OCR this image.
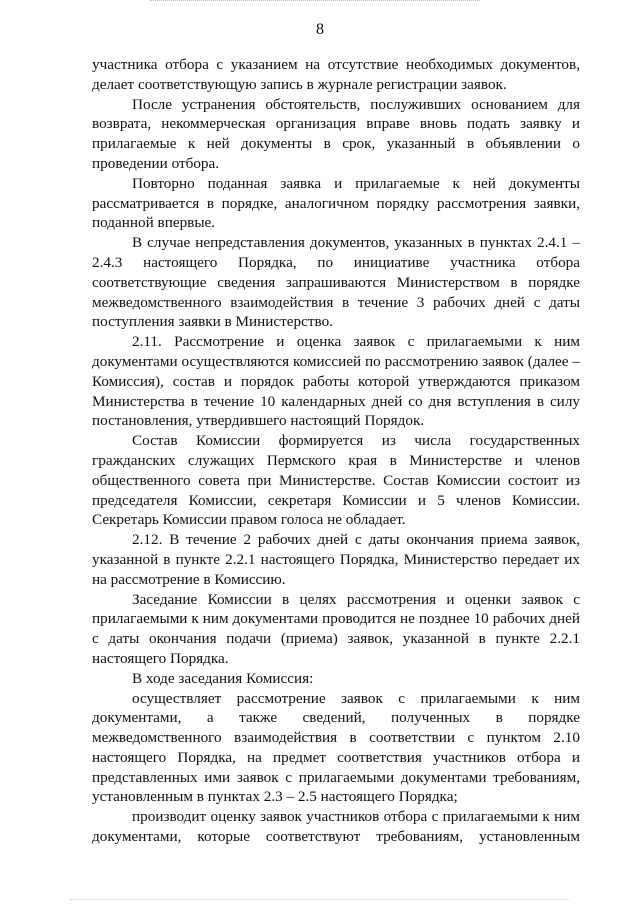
8

участника отбора с указанием на отсутствие необходимых документов, делает соответствующую запись в журнале регистрации заявок.

После устранения обстоятельств, послуживших основанием для возврата, некоммерческая организация вправе вновь подать заявку и прилагаемые к ней документы в срок, указанный в объявлении о проведении отбора.

Повторно поданная заявка и прилагаемые к ней документы рассматривается в порядке, аналогичном порядку рассмотрения заявки, поданной впервые.

В случае непредставления документов, указанных в пунктах 2.4.1 – 2.4.3 настоящего Порядка, по инициативе участника отбора соответствующие сведения запрашиваются Министерством в порядке межведомственного взаимодействия в течение 3 рабочих дней с даты поступления заявки в Министерство.

2.11. Рассмотрение и оценка заявок с прилагаемыми к ним документами осуществляются комиссией по рассмотрению заявок (далее – Комиссия), состав и порядок работы которой утверждаются приказом Министерства в течение 10 календарных дней со дня вступления в силу постановления, утвердившего настоящий Порядок.

Состав Комиссии формируется из числа государственных гражданских служащих Пермского края в Министерстве и членов общественного совета при Министерстве. Состав Комиссии состоит из председателя Комиссии, секретаря Комиссии и 5 членов Комиссии. Секретарь Комиссии правом голоса не обладает.

2.12. В течение 2 рабочих дней с даты окончания приема заявок, указанной в пункте 2.2.1 настоящего Порядка, Министерство передает их на рассмотрение в Комиссию.

Заседание Комиссии в целях рассмотрения и оценки заявок с прилагаемыми к ним документами проводится не позднее 10 рабочих дней с даты окончания подачи (приема) заявок, указанной в пункте 2.2.1 настоящего Порядка.

В ходе заседания Комиссия:

осуществляет рассмотрение заявок с прилагаемыми к ним документами, а также сведений, полученных в порядке межведомственного взаимодействия в соответствии с пунктом 2.10 настоящего Порядка, на предмет соответствия участников отбора и представленных ими заявок с прилагаемыми документами требованиям, установленным в пунктах 2.3 – 2.5 настоящего Порядка;

производит оценку заявок участников отбора с прилагаемыми к ним документами, которые соответствуют требованиям, установленным
